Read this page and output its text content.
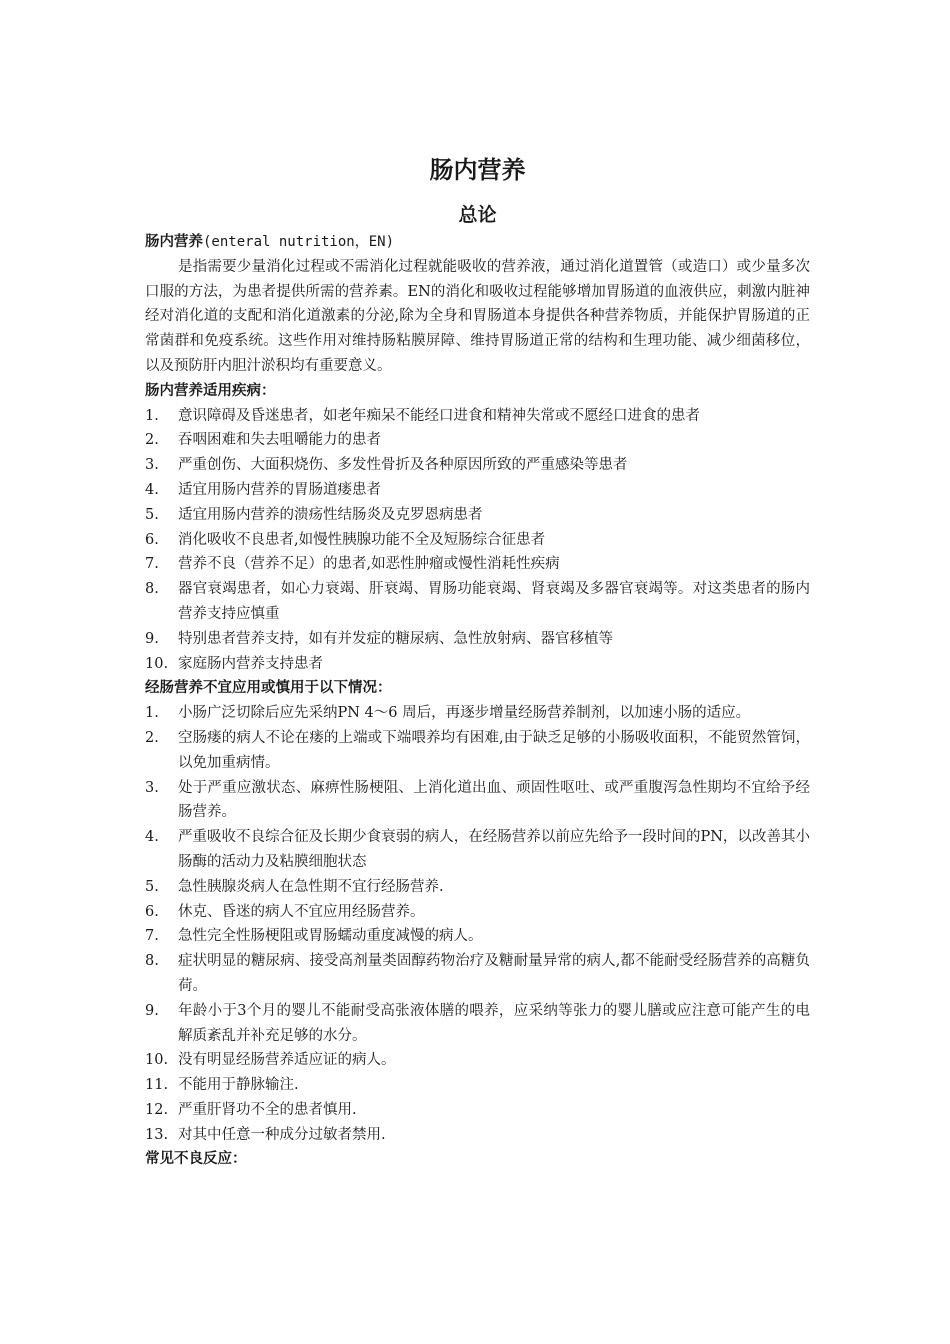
肠内营养
总论
肠内营养(enteral nutrition，EN)
是指需要少量消化过程或不需消化过程就能吸收的营养液，通过消化道置管（或造口）或少量多次口服的方法，为患者提供所需的营养素。EN的消化和吸收过程能够增加胃肠道的血液供应，刺激内脏神经对消化道的支配和消化道激素的分泌,除为全身和胃肠道本身提供各种营养物质，并能保护胃肠道的正常菌群和免疫系统。这些作用对维持肠粘膜屏障、维持胃肠道正常的结构和生理功能、减少细菌移位，以及预防肝内胆汁淤积均有重要意义。
肠内营养适用疾病：
1.	意识障碍及昏迷患者，如老年痴呆不能经口进食和精神失常或不愿经口进食的患者
2.	吞咽困难和失去咀嚼能力的患者
3.	严重创伤、大面积烧伤、多发性骨折及各种原因所致的严重感染等患者
4.	适宜用肠内营养的胃肠道瘘患者
5.	适宜用肠内营养的溃疡性结肠炎及克罗恩病患者
6.	消化吸收不良患者,如慢性胰腺功能不全及短肠综合征患者
7.	营养不良（营养不足）的患者,如恶性肿瘤或慢性消耗性疾病
8.	器官衰竭患者，如心力衰竭、肝衰竭、胃肠功能衰竭、肾衰竭及多器官衰竭等。对这类患者的肠内营养支持应慎重
9.	特别患者营养支持，如有并发症的糖尿病、急性放射病、器官移植等
10. 家庭肠内营养支持患者
经肠营养不宜应用或慎用于以下情况：
1.	小肠广泛切除后应先采纳PN 4～6 周后，再逐步增量经肠营养制剂，以加速小肠的适应。
2.	空肠瘘的病人不论在瘘的上端或下端喂养均有困难,由于缺乏足够的小肠吸收面积，不能贸然管饲，以免加重病情。
3.	处于严重应激状态、麻痹性肠梗阻、上消化道出血、顽固性呕吐、或严重腹泻急性期均不宜给予经肠营养。
4.	严重吸收不良综合征及长期少食衰弱的病人，在经肠营养以前应先给予一段时间的PN，以改善其小肠酶的活动力及粘膜细胞状态
5.	急性胰腺炎病人在急性期不宜行经肠营养.
6.	休克、昏迷的病人不宜应用经肠营养。
7.	急性完全性肠梗阻或胃肠蠕动重度减慢的病人。
8.	症状明显的糖尿病、接受高剂量类固醇药物治疗及糖耐量异常的病人,都不能耐受经肠营养的高糖负荷。
9.	年龄小于3个月的婴儿不能耐受高张液体膳的喂养，应采纳等张力的婴儿膳或应注意可能产生的电解质紊乱并补充足够的水分。
10. 没有明显经肠营养适应证的病人。
11. 不能用于静脉输注.
12. 严重肝肾功不全的患者慎用.
13. 对其中任意一种成分过敏者禁用.
常见不良反应：
